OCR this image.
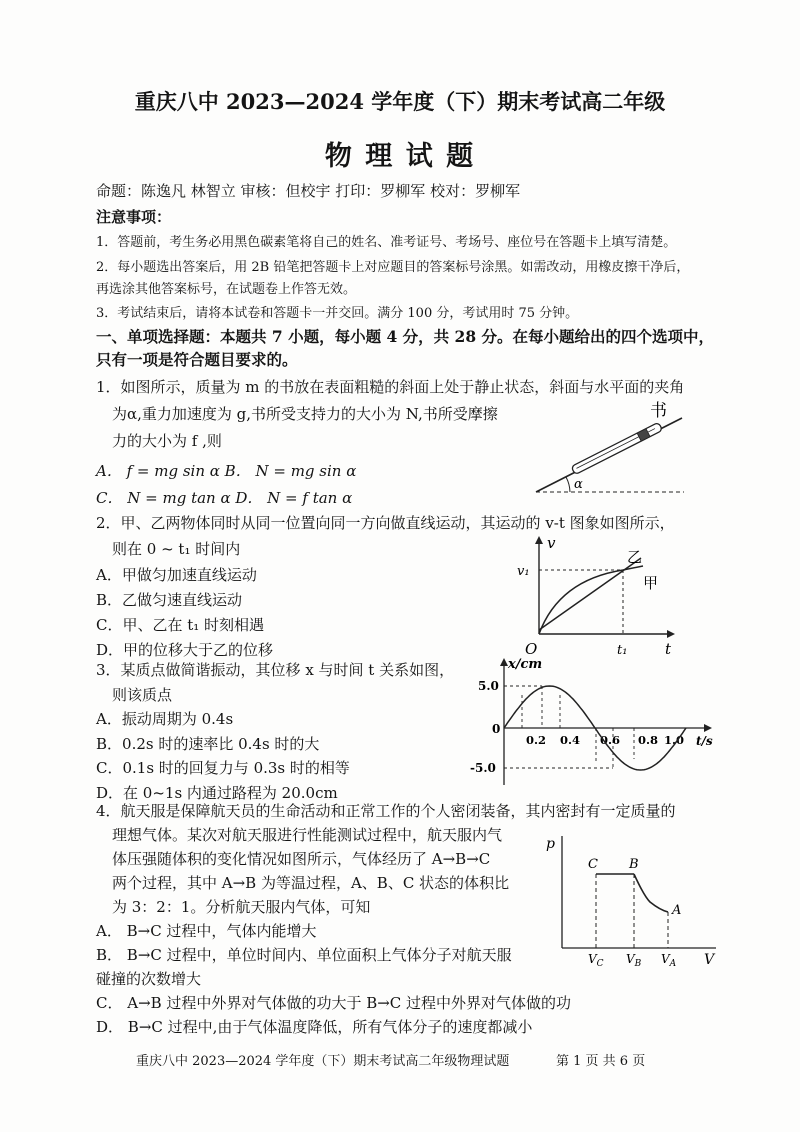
重庆八中 2023—2024 学年度（下）期末考试高二年级
物 理 试 题
命题：陈逸凡 林智立 审核：但校宇 打印：罗柳军 校对：罗柳军
注意事项：
1．答题前，考生务必用黑色碳素笔将自己的姓名、准考证号、考场号、座位号在答题卡上填写清楚。
2．每小题选出答案后，用 2B 铅笔把答题卡上对应题目的答案标号涂黑。如需改动，用橡皮擦干净后，
再选涂其他答案标号，在试题卷上作答无效。
3．考试结束后，请将本试卷和答题卡一并交回。满分 100 分，考试用时 75 分钟。
一、单项选择题：本题共 7 小题，每小题 4 分，共 28 分。在每小题给出的四个选项中，
只有一项是符合题目要求的。
1．如图所示，质量为 m 的书放在表面粗糙的斜面上处于静止状态，斜面与水平面的夹角
为α,重力加速度为 g,书所受支持力的大小为 N,书所受摩擦
力的大小为 f ,则
A． f = mg sin α B． N = mg sin α
C． N = mg tan α D． N = f tan α
α
书
2．甲、乙两物体同时从同一位置向同一方向做直线运动，其运动的 v-t 图象如图所示，
则在 0 ~ t₁ 时间内
A．甲做匀加速直线运动
B．乙做匀速直线运动
C．甲、乙在 t₁ 时刻相遇
D．甲的位移大于乙的位移
v
t
O
v₁
t₁
乙
甲
3．某质点做简谐振动，其位移 x 与时间 t 关系如图，
则该质点
A．振动周期为 0.4s
B．0.2s 时的速率比 0.4s 时的大
C．0.1s 时的回复力与 0.3s 时的相等
D．在 0~1s 内通过路程为 20.0cm
x/cm
t/s
0
5.0
-5.0
0.2 0.4 0.6 0.8 1.0
4．航天服是保障航天员的生命活动和正常工作的个人密闭装备，其内密封有一定质量的
理想气体。某次对航天服进行性能测试过程中，航天服内气
体压强随体积的变化情况如图所示，气体经历了 A→B→C
两个过程，其中 A→B 为等温过程，A、B、C 状态的体积比
为 3：2：1。分析航天服内气体，可知
A． B→C 过程中，气体内能增大
B． B→C 过程中，单位时间内、单位面积上气体分子对航天服
碰撞的次数增大
C． A→B 过程中外界对气体做的功大于 B→C 过程中外界对气体做的功
D． B→C 过程中,由于气体温度降低，所有气体分子的速度都减小
p
V
C B
A
$V_C$ $V_B$ $V_A$
重庆八中 2023—2024 学年度（下）期末考试高二年级物理试题	第 1 页 共 6 页
